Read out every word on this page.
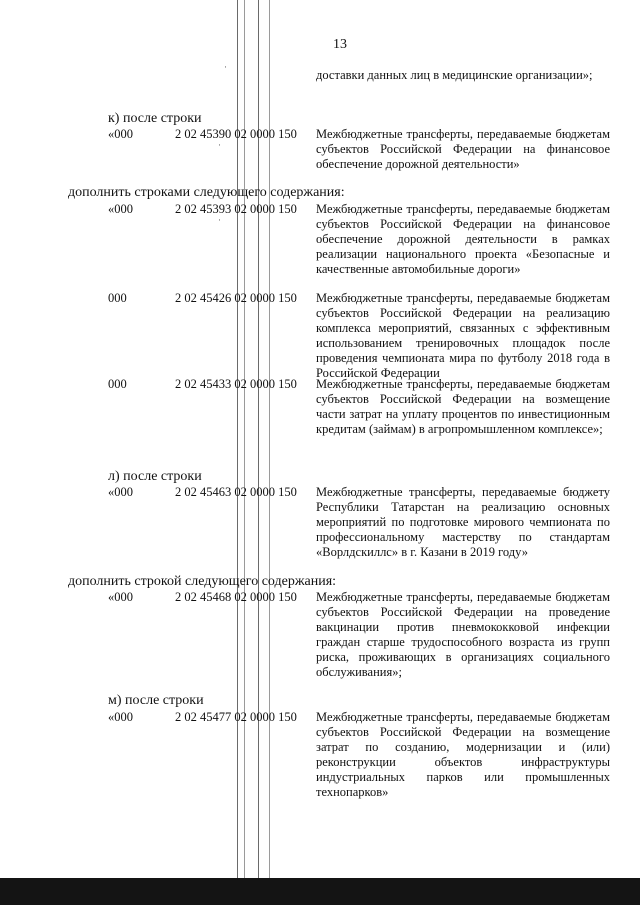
13
доставки данных лиц в медицинские организации»;
к) после строки
«000	2 02 45390 02 0000 150 Межбюджетные трансферты, передаваемые бюджетам субъектов Российской Федерации на финансовое обеспечение дорожной деятельности»
дополнить строками следующего содержания:
«000	2 02 45393 02 0000 150 Межбюджетные трансферты, передаваемые бюджетам субъектов Российской Федерации на финансовое обеспечение дорожной деятельности в рамках реализации национального проекта «Безопасные и качественные автомобильные дороги»
000	2 02 45426 02 0000 150 Межбюджетные трансферты, передаваемые бюджетам субъектов Российской Федерации на реализацию комплекса мероприятий, связанных с эффективным использованием тренировочных площадок после проведения чемпионата мира по футболу 2018 года в Российской Федерации
000	2 02 45433 02 0000 150 Межбюджетные трансферты, передаваемые бюджетам субъектов Российской Федерации на возмещение части затрат на уплату процентов по инвестиционным кредитам (займам) в агропромышленном комплексе»;
л) после строки
«000	2 02 45463 02 0000 150 Межбюджетные трансферты, передаваемые бюджету Республики Татарстан на реализацию основных мероприятий по подготовке мирового чемпионата по профессиональному мастерству по стандартам «Ворлдскиллс» в г. Казани в 2019 году»
дополнить строкой следующего содержания:
«000	2 02 45468 02 0000 150 Межбюджетные трансферты, передаваемые бюджетам субъектов Российской Федерации на проведение вакцинации против пневмококковой инфекции граждан старше трудоспособного возраста из групп риска, проживающих в организациях социального обслуживания»;
м) после строки
«000	2 02 45477 02 0000 150 Межбюджетные трансферты, передаваемые бюджетам субъектов Российской Федерации на возмещение затрат по созданию, модернизации и (или) реконструкции объектов инфраструктуры индустриальных парков или промышленных технопарков»
·
·
·
